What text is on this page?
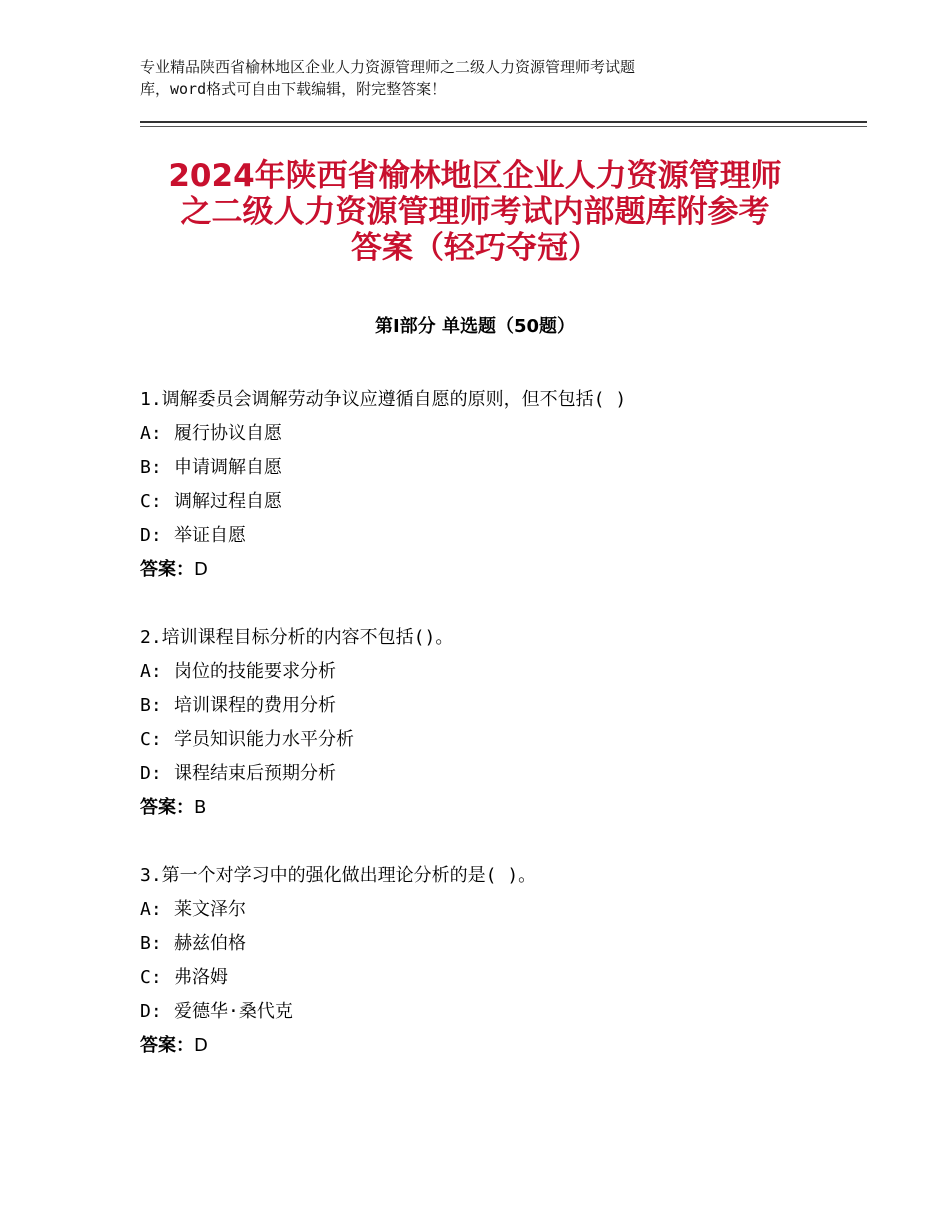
专业精品陕西省榆林地区企业人力资源管理师之二级人力资源管理师考试题
库，word格式可自由下载编辑，附完整答案！
2024年陕西省榆林地区企业人力资源管理师
之二级人力资源管理师考试内部题库附参考
答案（轻巧夺冠）
第Ⅰ部分 单选题（50题）
1.调解委员会调解劳动争议应遵循自愿的原则，但不包括( )
A: 履行协议自愿
B: 申请调解自愿
C: 调解过程自愿
D: 举证自愿
答案：D
2.培训课程目标分析的内容不包括()。
A: 岗位的技能要求分析
B: 培训课程的费用分析
C: 学员知识能力水平分析
D: 课程结束后预期分析
答案：B
3.第一个对学习中的强化做出理论分析的是( )。
A: 莱文泽尔
B: 赫兹伯格
C: 弗洛姆
D: 爱德华·桑代克
答案：D
